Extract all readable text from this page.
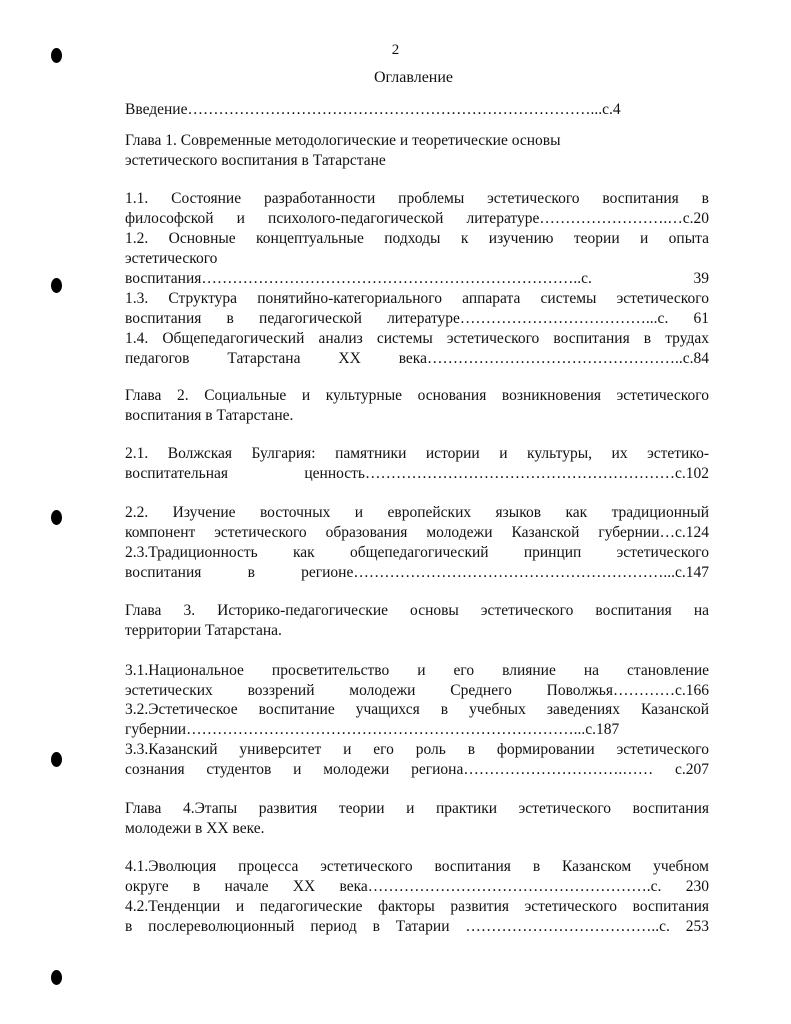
2
Оглавление
Введение……………………………………………………………………...с.4
Глава 1. Современные методологические и теоретические основы
эстетического воспитания в Татарстане
1.1. Состояние разработанности проблемы эстетического воспитания в
философской и психолого-педагогической литературе…………………….…с.20
1.2. Основные концептуальные подходы к изучению теории и опыта
эстетического
воспитания………………………………………………………………..с. 39
1.3. Структура понятийно-категориального аппарата системы эстетического
воспитания в педагогической литературе………………………………...с. 61
1.4. Общепедагогический анализ системы эстетического воспитания в трудах
педагогов Татарстана XX века…………………………………………..с.84
Глава 2. Социальные и культурные основания возникновения эстетического
воспитания в Татарстане.
2.1. Волжская Булгария: памятники истории и культуры, их эстетико-
воспитательная ценность……………………………………………………с.102
2.2. Изучение восточных и европейских языков как традиционный
компонент эстетического образования молодежи Казанской губернии…с.124
2.3.Традиционность как общепедагогический принцип эстетического
воспитания в регионе……………………………………………………...с.147
Глава 3. Историко-педагогические основы эстетического воспитания на
территории Татарстана.
3.1.Национальное просветительство и его влияние на становление
эстетических воззрений молодежи Среднего Поволжья…………с.166
3.2.Эстетическое воспитание учащихся в учебных заведениях Казанской
губернии…………………………………………………………………...с.187
3.3.Казанский университет и его роль в формировании эстетического
сознания студентов и молодежи региона………………………….…… с.207
Глава 4.Этапы развития теории и практики эстетического воспитания
молодежи в XX веке.
4.1.Эволюция процесса эстетического воспитания в Казанском учебном
округе в начале XX века……………………………………………….с. 230
4.2.Тенденции и педагогические факторы развития эстетического воспитания
в послереволюционный период в Татарии ………………………………..с. 253
